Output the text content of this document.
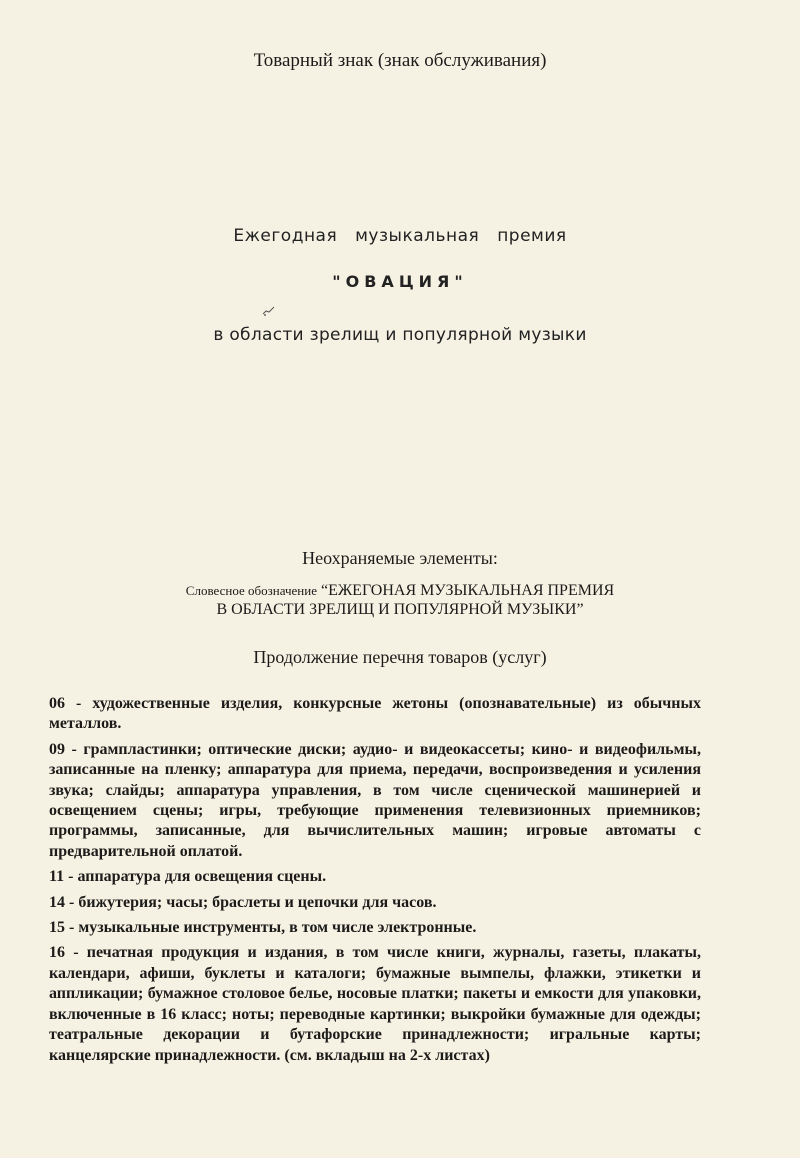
Товарный знак (знак обслуживания)
Ежегодная музыкальная премия
"ОВАЦИЯ"
в области зрелищ и популярной музыки
Неохраняемые элементы:
Словесное обозначение “ЕЖЕГОНАЯ МУЗЫКАЛЬНАЯ ПРЕМИЯ
В ОБЛАСТИ ЗРЕЛИЩ И ПОПУЛЯРНОЙ МУЗЫКИ”
Продолжение перечня товаров (услуг)

06 - художественные изделия, конкурсные жетоны (опознавательные) из обычных металлов.

09 - грампластинки; оптические диски; аудио- и видеокассеты; кино- и видеофильмы, записанные на пленку; аппаратура для приема, передачи, воспроизведения и усиления звука; слайды; аппаратура управления, в том числе сценической машинерией и освещением сцены; игры, требующие применения телевизионных приемников; программы, записанные, для вычислительных машин; игровые автоматы с предварительной оплатой.

11 - аппаратура для освещения сцены.

14 - бижутерия; часы; браслеты и цепочки для часов.

15 - музыкальные инструменты, в том числе электронные.

16 - печатная продукция и издания, в том числе книги, журналы, газеты, плакаты, календари, афиши, буклеты и каталоги; бумажные вымпелы, флажки, этикетки и аппликации; бумажное столовое белье, носовые платки; пакеты и емкости для упаковки, включенные в 16 класс; ноты; переводные картинки; выкройки бумажные для одежды; театральные декорации и бутафорские принадлежности; игральные карты; канцелярские принадлежности. (см. вкладыш на 2-х листах)
